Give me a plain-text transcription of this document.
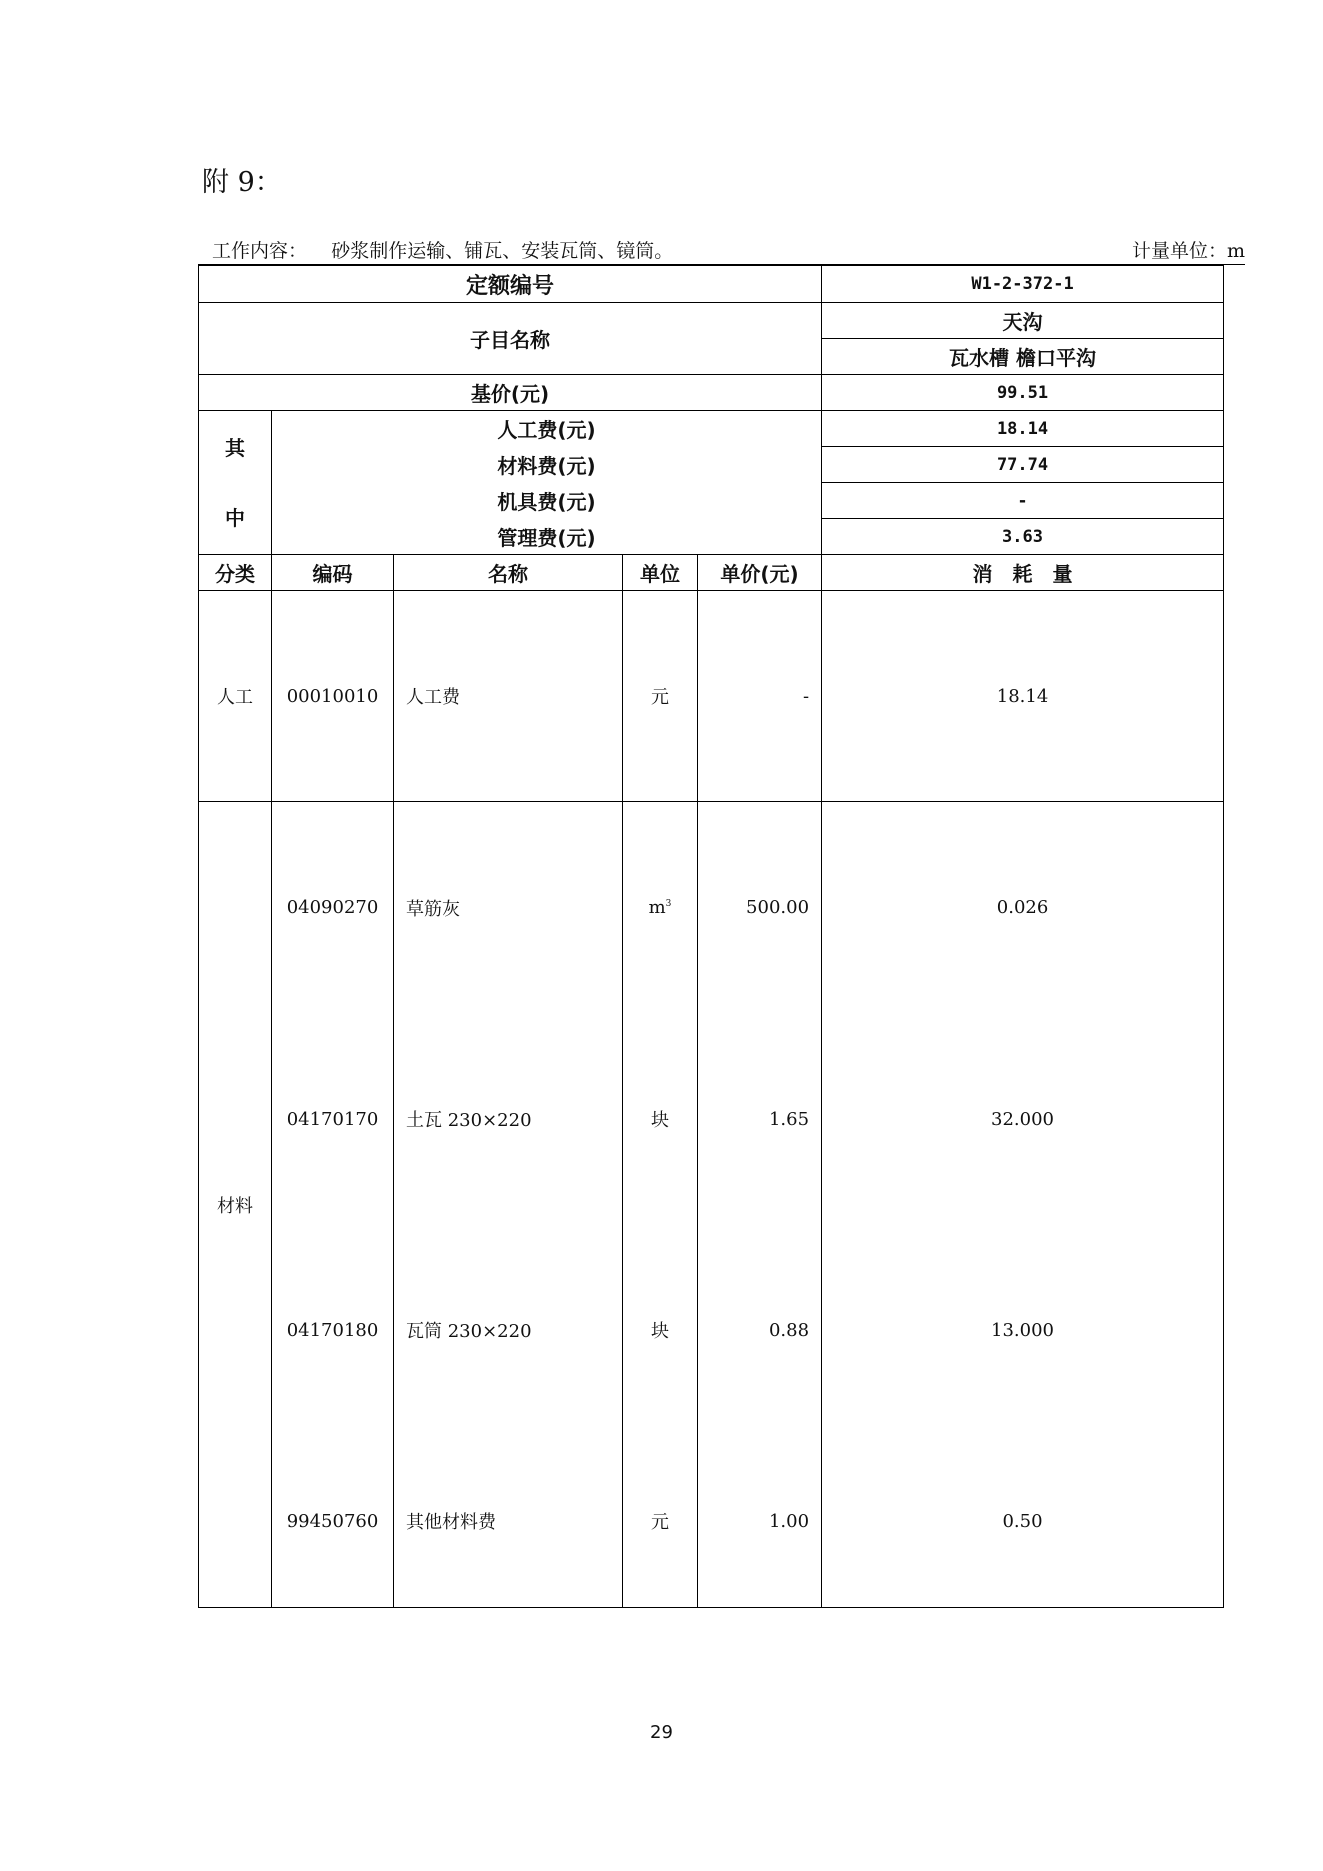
附 9：
工作内容： 砂浆制作运输、铺瓦、安装瓦筒、镜筒。	计量单位：m
定额编号					W1-2-372-1
子目名称					天沟
					瓦水槽 檐口平沟
基价(元)					99.51
其
中	人工费(元)				18.14
	材料费(元)				77.74
	机具费(元)				-
	管理费(元)				3.63
分类	编码	名称	单位	单价(元)	消　耗　量
人工	00010010	人工费	元	-	18.14
材料	04090270	草筋灰	$m^3$	500.00	0.026
	04170170	土瓦 230×220	块	1.65	32.000
	04170180	瓦筒 230×220	块	0.88	13.000
	99450760	其他材料费	元	1.00	0.50
29
